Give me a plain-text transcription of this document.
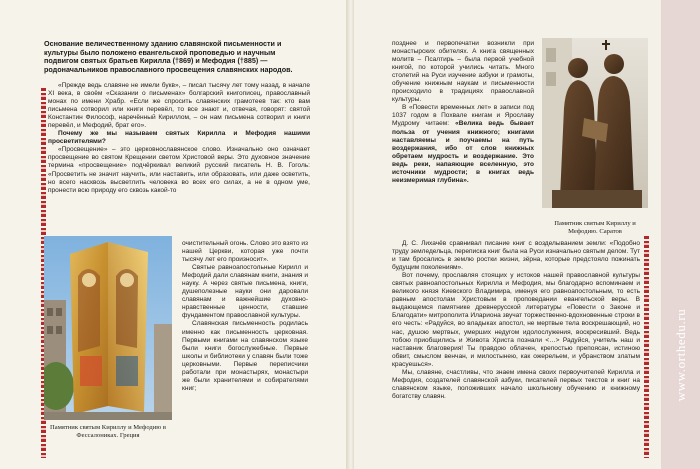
Основание величественному зданию славянской письменности и культуры было положено евангельской проповедью и научным подвигом святых братьев Кирилла (†869) и Мефодия (†885) — родоначальников православного просвещения славянских народов.

«Прежде ведь славяне не имели букв», – писал тысячу лет тому назад, в начале XI века, в своём «Сказании о письменах» болгарский книгописец, православный монах по имени Храбр. «Если же спросить славянских грамотеев так: кто вам письмена сотворил или книги перевёл, то все знают и, отвечая, говорят: святой Константин Философ, наречённый Кириллом, – он нам письмена сотворил и книги перевёл, и Мефодий, брат его».

Почему же мы называем святых Кирилла и Мефодия нашими просветителями?

«Просвещение» – это церковнославянское слово. Изначально оно означает просвещение во святом Крещении светом Христовой веры. Это духовное значение термина «просвещение» подчёркивал великий русский писатель Н. В. Гоголь: «Просветить не значит научить, или наставить, или образовать, или даже осветить, но всего насквозь высветлить человека во всех его силах, а не в одном уме, пронести всю природу его сквозь какой-то

Памятник святым Кириллу и Мефодию в Фессалониках. Греция

очистительный огонь. Слово это взято из нашей Церкви, которая уже почти тысячу лет его произносит».

Святые равноапостольные Кирилл и Мефодий дали славянам книги, знания и науку. А через святые письмена, книги, душеполезные науки они даровали славянам и важнейшие духовно-нравственные ценности, ставшие фундаментом православной культуры.

Славянская письменность родилась именно как письменность церковная. Первыми книгами на славянском языке были книги богослужебные. Первые школы и библиотеки у славян были тоже церковными. Первые переписчики работали при монастырях, монастыри же были хранителями и собирателями книг;

позднее и первопечатни возникли при монастырских обителях. А книга священных молитв – Псалтирь – была первой учебной книгой, по которой учились читать. Много столетий на Руси изучение азбуки и грамоты, обучение книжным наукам и письменности происходило в традициях православной культуры.

В «Повести временных лет» в записи под 1037 годом в Похвале книгам и Ярославу Мудрому читаем: «Велика ведь бывает польза от учения книжного; книгами наставляемы и поучаемы на путь воздержания, ибо от слов книжных обретаем мудрость и воздержание. Это ведь реки, напаяющие вселенную, это источники мудрости; в книгах ведь неизмеримая глубина».

Памятник святым Кириллу и Мефодию. Саратов

Д. С. Лихачёв сравнивал писание книг с возделыванием земли: «Подобно труду земледельца, переписка книг была на Руси изначально святым делом. Тут и там бросались в землю ростки жизни, зёрна, которые предстояло пожинать будущим поколениям».

Вот почему, прославляя стоящих у истоков нашей православной культуры святых равноапостольных Кирилла и Мефодия, мы благодарно вспоминаем и великого князя Киевского Владимира, именуя его равноапостольным, то есть равным апостолам Христовым в проповедании евангельской веры. В выдающемся памятнике древнерусской литературы «Повести о Законе и Благодати» митрополита Илариона звучат торжественно-вдохновенные строки в его честь: «Радуйся, во владыках апостол, не мертвые тела воскрешающий, но нас, душою мертвых, умерших недугом идолослужения, воскресивший. Ведь тобою приобщились и Живота Христа познали <…> Радуйся, учитель наш и наставник благоверия! Ты правдою облачен, крепостью препоясан, истиною обвит, смыслом венчан, и милостынею, как ожерельем, и убранством златым красуешься».

Мы, славяне, счастливы, что знаем имена своих первоучителей Кирилла и Мефодия, создателей славянской азбуки, писателей первых текстов и книг на славянском языке, положивших начало школьному обучению и книжному богатству славян.	www.orthedu.ru
